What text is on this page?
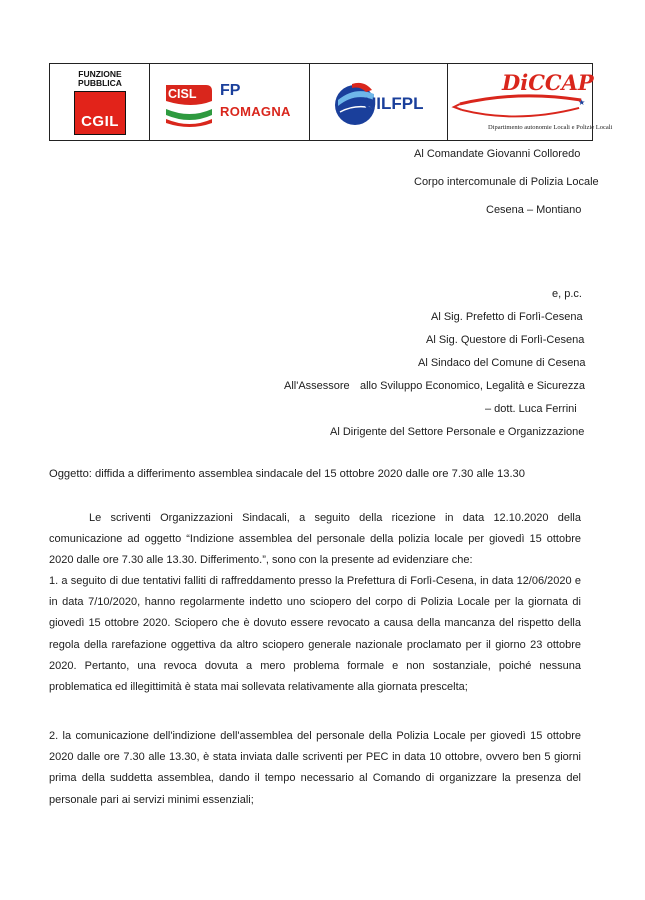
FUNZIONE PUBBLICA
CGIL
CISL FP
ROMAGNA	UILFPL	★
DiCCAP
Dipartimento autonomie Locali e Polizie Locali
Al Comandate Giovanni Colloredo
Corpo intercomunale di Polizia Locale
Cesena – Montiano
e, p.c.
Al Sig. Prefetto di Forlì-Cesena
Al Sig. Questore di Forlì-Cesena
Al Sindaco del Comune di Cesena
All'Assessore allo Sviluppo Economico, Legalità e Sicurezza
– dott. Luca Ferrini
Al Dirigente del Settore Personale e Organizzazione
Oggetto: diffida a differimento assemblea sindacale del 15 ottobre 2020 dalle ore 7.30 alle 13.30

Le scriventi Organizzazioni Sindacali, a seguito della ricezione in data 12.10.2020 della comunicazione ad oggetto “Indizione assemblea del personale della polizia locale per giovedì 15 ottobre 2020 dalle ore 7.30 alle 13.30. Differimento.”, sono con la presente ad evidenziare che:

1. a seguito di due tentativi falliti di raffreddamento presso la Prefettura di Forlì-Cesena, in data 12/06/2020 e in data 7/10/2020, hanno regolarmente indetto uno sciopero del corpo di Polizia Locale per la giornata di giovedì 15 ottobre 2020. Sciopero che è dovuto essere revocato a causa della mancanza del rispetto della regola della rarefazione oggettiva da altro sciopero generale nazionale proclamato per il giorno 23 ottobre 2020. Pertanto, una revoca dovuta a mero problema formale e non sostanziale, poiché nessuna problematica ed illegittimità è stata mai sollevata relativamente alla giornata prescelta;

2. la comunicazione dell'indizione dell'assemblea del personale della Polizia Locale per giovedì 15 ottobre 2020 dalle ore 7.30 alle 13.30, è stata inviata dalle scriventi per PEC in data 10 ottobre, ovvero ben 5 giorni prima della suddetta assemblea, dando il tempo necessario al Comando di organizzare la presenza del personale pari ai servizi minimi essenziali;
